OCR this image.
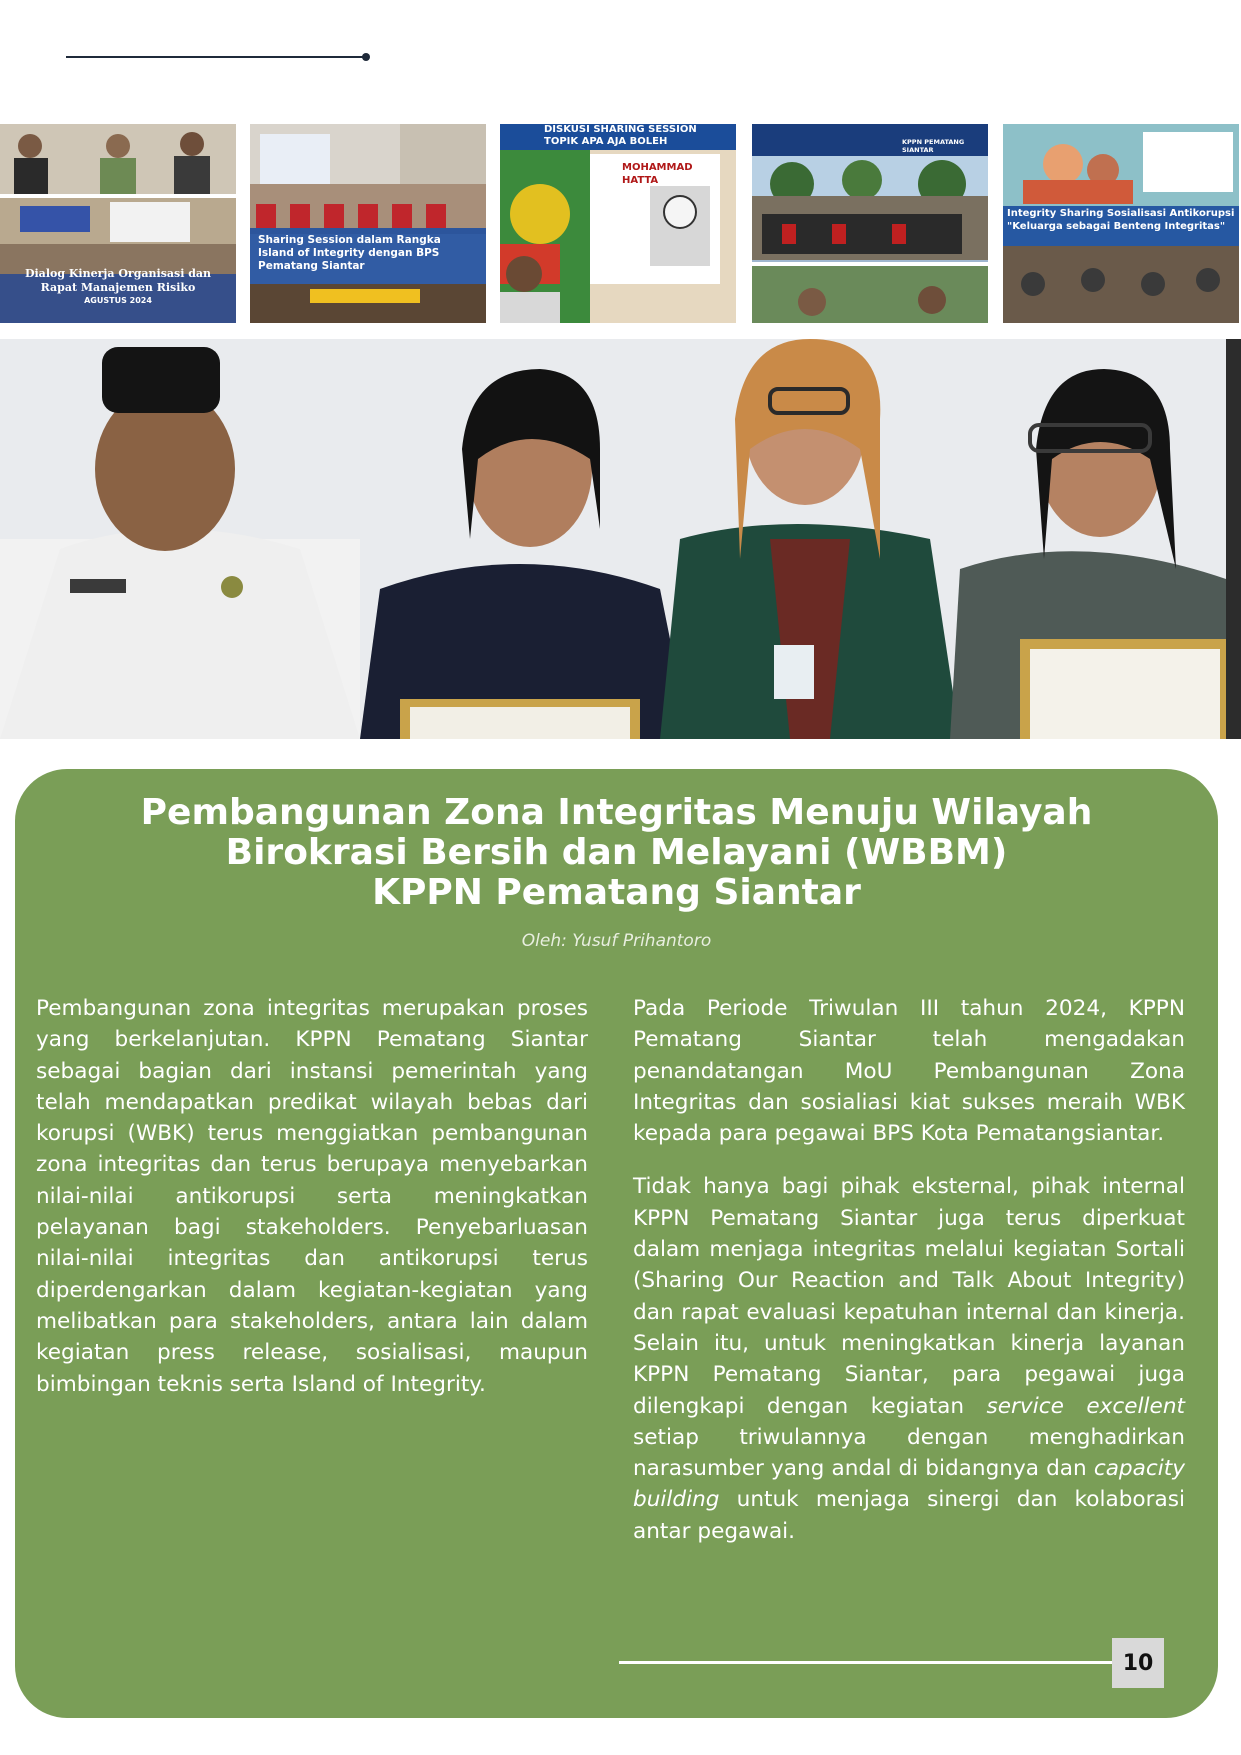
Dialog Kinerja Organisasi dan Rapat Manajemen Risiko
AGUSTUS 2024
Sharing Session dalam Rangka Island of Integrity dengan BPS Pematang Siantar
DISKUSI SHARING SESSION TOPIK APA AJA BOLEH
MOHAMMAD HATTA
KPPN PEMATANG SIANTAR
Integrity Sharing Sosialisasi Antikorupsi "Keluarga sebagai Benteng Integritas"
Pembangunan Zona Integritas Menuju Wilayah
Birokrasi Bersih dan Melayani (WBBM)
KPPN Pematang Siantar
Oleh: Yusuf Prihantoro

Pembangunan zona integritas merupakan proses yang berkelanjutan. KPPN Pematang Siantar sebagai bagian dari instansi pemerintah yang telah mendapatkan predikat wilayah bebas dari korupsi (WBK) terus menggiatkan pembangunan zona integritas dan terus berupaya menyebarkan nilai-nilai antikorupsi serta meningkatkan pelayanan bagi stakeholders. Penyebarluasan nilai-nilai integritas dan antikorupsi terus diperdengarkan dalam kegiatan-kegiatan yang melibatkan para stakeholders, antara lain dalam kegiatan press release, sosialisasi, maupun bimbingan teknis serta Island of Integrity.

Pada Periode Triwulan III tahun 2024, KPPN Pematang Siantar telah mengadakan penandatangan MoU Pembangunan Zona Integritas dan sosialiasi kiat sukses meraih WBK kepada para pegawai BPS Kota Pematangsiantar.

Tidak hanya bagi pihak eksternal, pihak internal KPPN Pematang Siantar juga terus diperkuat dalam menjaga integritas melalui kegiatan Sortali (Sharing Our Reaction and Talk About Integrity) dan rapat evaluasi kepatuhan internal dan kinerja. Selain itu, untuk meningkatkan kinerja layanan KPPN Pematang Siantar, para pegawai juga dilengkapi dengan kegiatan service excellent setiap triwulannya dengan menghadirkan narasumber yang andal di bidangnya dan capacity building untuk menjaga sinergi dan kolaborasi antar pegawai.

10
